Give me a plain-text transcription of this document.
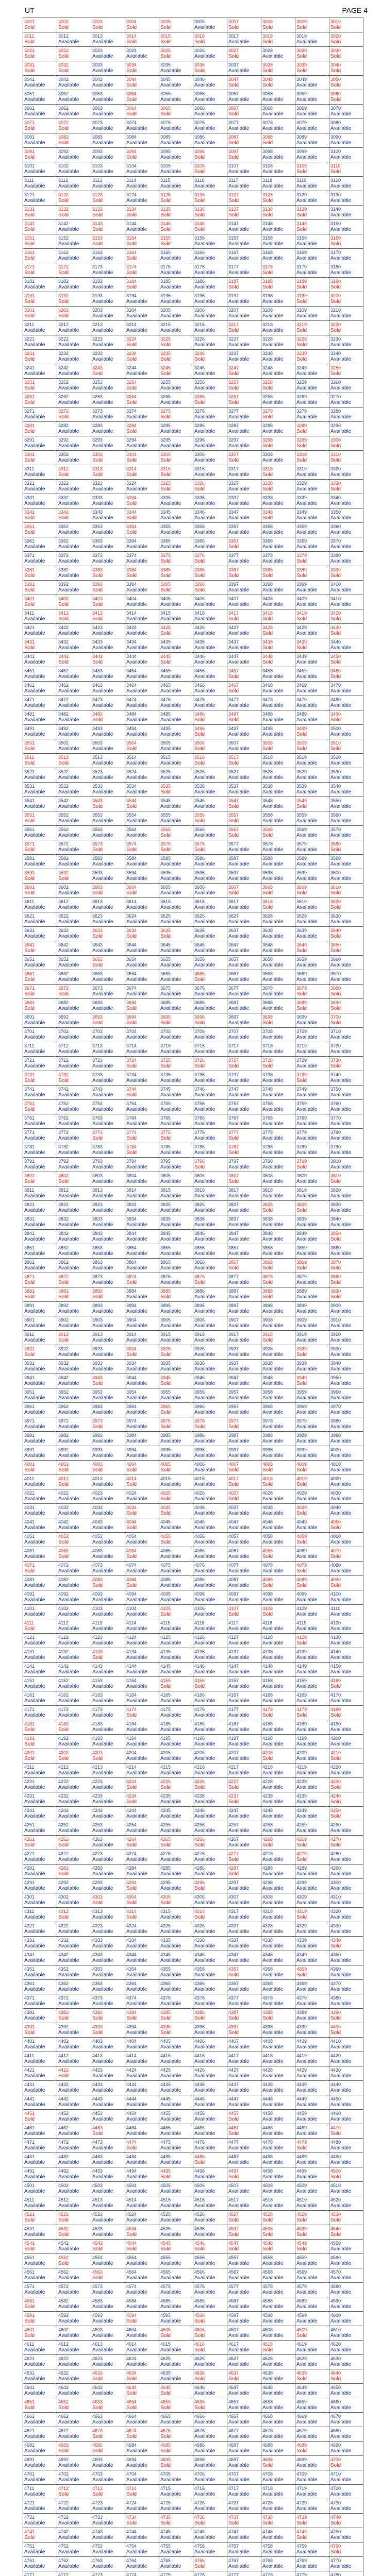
UT	PAGE 4
3001
Sold	3002
Sold	3003
Sold	3004
Sold	3005
Sold	3006
Available	3007
Sold	3008
Sold	3009
Sold	3010
Sold

3011
Sold	3012
Available	3013
Available	3014
Sold	3015
Sold	3016
Sold	3017
Available	3018
Sold	3019
Available	3020
Sold

3021
Sold	3022
Sold	3023
Available	3024
Available	3025
Sold	3026
Available	3027
Sold	3028
Available	3029
Sold	3030
Sold

3031
Sold	3032
Sold	3033
Available	3034
Sold	3035
Available	3036
Sold	3037
Available	3038
Sold	3039
Sold	3040
Sold

3041
Available	3042
Available	3043
Available	3044
Sold	3045
Available	3046
Available	3047
Sold	3048
Sold	3049
Available	3050
Sold

3051
Available	3052
Available	3053
Available	3054
Sold	3055
Available	3056
Available	3057
Available	3058
Available	3059
Available	3060
Sold

3061
Available	3062
Available	3063
Available	3064
Sold	3065
Sold	3066
Available	3067
Sold	3068
Available	3069
Available	3070
Available

3071
Sold	3072
Sold	3073
Available	3074
Available	3075
Available	3076
Available	3077
Available	3078
Available	3079
Available	3080
Available

3081
Available	3082
Sold	3083
Available	3084
Available	3085
Available	3086
Available	3087
Sold	3088
Sold	3089
Available	3090
Available

3091
Sold	3092
Available	3093
Available	3094
Sold	3095
Available	3096
Sold	3097
Sold	3098
Available	3099
Available	3100
Available

3101
Available	3102
Available	3103
Available	3104
Available	3105
Available	3106
Sold	3107
Available	3108
Available	3109
Sold	3110
Sold

3111
Available	3112
Available	3113
Available	3114
Available	3115
Available	3116
Available	3117
Available	3118
Available	3119
Available	3120
Available

3121
Available	3122
Sold	3123
Sold	3124
Available	3125
Sold	3126
Sold	3127
Sold	3128
Sold	3129
Available	3130
Available

3131
Sold	3132
Sold	3133
Sold	3134
Sold	3135
Sold	3136
Sold	3137
Sold	3138
Sold	3139
Sold	3140
Available

3141
Sold	3142
Available	3143
Sold	3144
Available	3145
Sold	3146
Sold	3147
Available	3148
Available	3149
Sold	3150
Available

3151
Sold	3152
Available	3153
Sold	3154
Sold	3155
Sold	3156
Available	3157
Available	3158
Available	3159
Available	3160
Sold

3161
Sold	3162
Available	3163
Available	3164
Sold	3165
Available	3166
Available	3167
Available	3168
Available	3169
Available	3170
Available

3171
Sold	3172
Sold	3173
Available	3174
Sold	3175
Available	3176
Available	3177
Available	3178
Sold	3179
Available	3180
Available

3181
Available	3182
Available	3183
Available	3184
Sold	3185
Available	3186
Available	3187
Sold	3188
Sold	3189
Sold	3190
Sold

3191
Sold	3192
Sold	3193
Available	3194
Available	3195
Available	3196
Available	3197
Available	3198
Available	3199
Sold	3200
Sold

3201
Sold	3202
Sold	3203
Available	3204
Available	3205
Available	3206
Available	3207
Available	3208
Available	3209
Available	3210
Available

3211
Available	3212
Available	3213
Available	3214
Available	3215
Available	3216
Available	3217
Sold	3218
Available	3219
Sold	3220
Sold

3221
Available	3222
Available	3223
Available	3224
Sold	3225
Sold	3226
Available	3227
Available	3228
Available	3229
Sold	3230
Available

3231
Sold	3232
Available	3233
Available	3234
Sold	3235
Sold	3236
Sold	3237
Available	3238
Available	3239
Sold	3240
Available

3241
Available	3242
Available	3243
Sold	3244
Available	3245
Sold	3246
Available	3247
Sold	3248
Available	3249
Available	3250
Sold

3251
Sold	3252
Available	3253
Available	3254
Sold	3255
Available	3256
Available	3257
Sold	3258
Sold	3259
Available	3260
Available

3261
Sold	3262
Available	3263
Available	3264
Sold	3265
Available	3266
Sold	3267
Sold	3268
Available	3269
Available	3270
Available

3271
Available	3272
Sold	3273
Available	3274
Available	3275
Sold	3276
Available	3277
Available	3278
Sold	3279
Available	3280
Available

3281
Sold	3282
Available	3283
Available	3284
Sold	3285
Available	3286
Available	3287
Available	3288
Available	3289
Sold	3290
Available

3291
Available	3292
Available	3293
Available	3294
Available	3295
Available	3296
Available	3297
Available	3298
Sold	3299
Sold	3300
Sold

3301
Sold	3302
Available	3303
Sold	3304
Sold	3305
Sold	3306
Available	3307
Sold	3308
Available	3309
Sold	3310
Sold

3311
Available	3312
Sold	3313
Sold	3314
Sold	3315
Sold	3316
Available	3317
Available	3318
Sold	3319
Available	3320
Available

3321
Available	3322
Available	3323
Available	3324
Available	3325
Sold	3326
Sold	3327
Available	3328
Sold	3329
Available	3330
Sold

3331
Available	3332
Available	3333
Available	3334
Sold	3335
Available	3336
Available	3337
Available	3338
Available	3339
Available	3340
Available

3341
Sold	3342
Sold	3343
Available	3344
Sold	3345
Available	3346
Available	3347
Available	3348
Sold	3349
Available	3350
Available

3351
Sold	3352
Available	3353
Available	3354
Sold	3355
Available	3356
Available	3357
Available	3358
Available	3359
Available	3360
Available

3361
Available	3362
Available	3363
Available	3364
Available	3365
Available	3366
Available	3367
Sold	3368
Available	3369
Available	3370
Available

3371
Available	3372
Available	3373
Available	3374
Available	3375
Sold	3376
Sold	3377
Available	3378
Available	3379
Sold	3380
Available

3381
Sold	3382
Available	3383
Sold	3384
Sold	3385
Sold	3386
Sold	3387
Sold	3388
Sold	3389
Sold	3390
Sold

3391
Sold	3392
Available	3393
Sold	3394
Available	3395
Sold	3396
Sold	3397
Available	3398
Available	3399
Available	3400
Available

3401
Sold	3402
Sold	3403
Sold	3404
Available	3405
Available	3406
Available	3407
Available	3408
Available	3409
Available	3410
Available

3411
Available	3412
Sold	3413
Sold	3414
Available	3415
Available	3416
Available	3417
Sold	3418
Sold	3419
Sold	3420
Sold

3421
Available	3422
Available	3423
Available	3424
Available	3425
Sold	3426
Available	3427
Available	3428
Sold	3429
Available	3430
Sold

3431
Sold	3432
Available	3433
Available	3434
Available	3435
Available	3436
Available	3437
Available	3438
Sold	3439
Sold	3440
Available

3441
Available	3442
Sold	3443
Sold	3444
Available	3445
Sold	3446
Available	3447
Available	3448
Sold	3449
Available	3450
Sold

3451
Available	3452
Available	3453
Available	3454
Available	3455
Available	3456
Available	3457
Sold	3458
Available	3459
Available	3460
Sold

3461
Available	3462
Available	3463
Available	3464
Available	3465
Available	3466
Available	3467
Sold	3468
Available	3469
Available	3470
Available

3471
Available	3472
Available	3473
Available	3474
Available	3475
Available	3476
Available	3477
Available	3478
Available	3479
Available	3480
Available

3481
Available	3482
Available	3483
Sold	3484
Available	3485
Available	3486
Sold	3487
Sold	3488
Available	3489
Available	3490
Sold

3491
Available	3492
Available	3493
Available	3494
Available	3495
Available	3496
Sold	3497
Available	3498
Available	3499
Sold	3500
Available

3501
Sold	3502
Available	3503
Available	3504
Sold	3505
Available	3506
Sold	3507
Available	3508
Sold	3509
Sold	3510
Sold

3511
Sold	3512
Sold	3513
Available	3514
Available	3515
Available	3516
Sold	3517
Sold	3518
Available	3519
Available	3520
Available

3521
Available	3522
Available	3523
Available	3524
Available	3525
Available	3526
Available	3527
Available	3528
Available	3529
Available	3530
Available

3531
Available	3532
Available	3533
Available	3534
Available	3535
Sold	3536
Available	3537
Available	3538
Available	3539
Available	3540
Available

3541
Available	3542
Available	3543
Sold	3544
Sold	3545
Available	3546
Available	3547
Sold	3548
Available	3549
Sold	3550
Available

3551
Sold	3552
Available	3553
Available	3554
Available	3555
Available	3556
Sold	3557
Sold	3558
Available	3559
Available	3560
Available

3561
Available	3562
Available	3563
Available	3564
Available	3565
Sold	3566
Available	3567
Sold	3568
Sold	3569
Available	3570
Available

3571
Sold	3572
Available	3573
Sold	3574
Sold	3575
Sold	3576
Sold	3577
Available	3578
Available	3579
Available	3580
Sold

3581
Available	3582
Available	3583
Available	3584
Available	3585
Available	3586
Available	3587
Available	3588
Available	3589
Available	3590
Available

3591
Sold	3592
Sold	3593
Available	3594
Available	3595
Available	3596
Available	3597
Available	3598
Available	3599
Available	3600
Available

3601
Sold	3602
Available	3603
Sold	3604
Sold	3605
Available	3606
Available	3607
Sold	3608
Sold	3609
Sold	3610
Sold

3611
Available	3612
Available	3613
Available	3614
Available	3615
Available	3616
Available	3617
Available	3618
Sold	3619
Available	3620
Sold

3621
Available	3622
Available	3623
Available	3624
Available	3625
Available	3626
Available	3627
Available	3628
Available	3629
Available	3630
Available

3631
Available	3632
Available	3633
Sold	3634
Sold	3635
Sold	3636
Available	3637
Available	3638
Available	3639
Available	3640
Sold

3641
Sold	3642
Available	3643
Available	3644
Available	3645
Available	3646
Available	3647
Available	3648
Available	3649
Sold	3650
Sold

3651
Available	3652
Available	3653
Sold	3654
Available	3655
Available	3656
Available	3657
Available	3658
Available	3659
Available	3660
Available

3661
Sold	3662
Available	3663
Available	3664
Available	3665
Available	3666
Sold	3667
Available	3668
Available	3669
Available	3670
Available

3671
Sold	3672
Sold	3673
Available	3674
Available	3675
Available	3676
Available	3677
Available	3678
Available	3679
Sold	3680
Sold

3681
Sold	3682
Available	3683
Available	3684
Sold	3685
Available	3686
Available	3687
Available	3688
Available	3689
Sold	3690
Sold

3691
Available	3692
Available	3693
Sold	3694
Sold	3695
Sold	3696
Sold	3697
Available	3698
Sold	3699
Available	3700
Sold

3701
Available	3702
Available	3703
Available	3704
Available	3705
Available	3706
Available	3707
Available	3708
Available	3709
Available	3710
Available

3711
Available	3712
Available	3713
Available	3714
Available	3715
Available	3716
Available	3717
Available	3718
Available	3719
Available	3720
Available

3721
Available	3722
Available	3723
Available	3724
Sold	3725
Sold	3726
Sold	3727
Sold	3728
Sold	3729
Available	3730
Sold

3731
Sold	3732
Sold	3733
Available	3734
Available	3735
Available	3736
Available	3737
Available	3738
Available	3739
Sold	3740
Available

3741
Available	3742
Available	3743
Available	3744
Sold	3745
Available	3746
Available	3747
Available	3748
Available	3749
Available	3750
Available

3751
Sold	3752
Available	3753
Available	3754
Available	3755
Available	3756
Available	3757
Available	3758
Available	3759
Available	3760
Available

3761
Available	3762
Available	3763
Available	3764
Available	3765
Available	3766
Available	3767
Available	3768
Available	3769
Available	3770
Available

3771
Available	3772
Available	3773
Sold	3774
Sold	3775
Sold	3776
Available	3777
Sold	3778
Available	3779
Available	3780
Available

3781
Available	3782
Available	3783
Available	3784
Sold	3785
Available	3786
Available	3787
Sold	3788
Available	3789
Available	3790
Available

3791
Available	3792
Available	3793
Available	3794
Available	3795
Available	3796
Sold	3797
Available	3798
Available	3799
Sold	3800
Available

3801
Sold	3802
Sold	3803
Available	3804
Available	3805
Available	3806
Available	3807
Sold	3808
Available	3809
Available	3810
Sold

3811
Available	3812
Available	3813
Available	3814
Available	3815
Available	3816
Available	3817
Available	3818
Available	3819
Available	3820
Available

3821
Available	3822
Available	3823
Available	3824
Available	3825
Available	3826
Available	3827
Available	3828
Sold	3829
Sold	3830
Available

3831
Available	3832
Available	3833
Available	3834
Available	3835
Available	3836
Available	3837
Available	3838
Available	3839
Available	3840
Available

3841
Available	3842
Available	3843
Available	3844
Available	3845
Available	3846
Available	3847
Available	3848
Available	3849
Available	3850
Sold

3851
Available	3852
Available	3853
Available	3854
Available	3855
Available	3856
Available	3857
Available	3858
Available	3859
Available	3860
Available

3861
Available	3862
Available	3863
Available	3864
Available	3865
Available	3866
Available	3867
Sold	3868
Sold	3869
Sold	3870
Sold

3871
Sold	3872
Sold	3873
Available	3874
Sold	3875
Available	3876
Sold	3877
Available	3878
Sold	3879
Available	3880
Sold

3881
Sold	3882
Sold	3883
Sold	3884
Available	3885
Sold	3886
Available	3887
Available	3888
Sold	3889
Available	3890
Sold

3891
Available	3892
Available	3893
Available	3894
Available	3895
Available	3896
Available	3897
Available	3898
Available	3899
Available	3900
Available

3901
Available	3902
Available	3903
Available	3904
Available	3905
Available	3906
Available	3907
Available	3908
Available	3909
Available	3910
Available

3911
Available	3912
Sold	3913
Available	3914
Available	3915
Available	3916
Available	3917
Available	3918
Sold	3919
Available	3920
Available

3921
Sold	3922
Available	3923
Available	3924
Sold	3925
Sold	3926
Available	3927
Available	3928
Available	3929
Sold	3930
Available

3931
Available	3932
Available	3933
Available	3934
Available	3935
Available	3936
Available	3937
Available	3938
Available	3939
Available	3940
Available

3941
Available	3942
Available	3943
Sold	3944
Available	3945
Sold	3946
Available	3947
Available	3948
Available	3949
Sold	3950
Available

3951
Available	3952
Available	3953
Available	3954
Available	3955
Available	3956
Available	3957
Available	3958
Available	3959
Available	3960
Available

3961
Available	3962
Available	3963
Available	3964
Available	3965
Sold	3966
Available	3967
Available	3968
Available	3969
Available	3970
Available

3971
Available	3972
Available	3973
Sold	3974
Available	3975
Sold	3976
Sold	3977
Sold	3978
Available	3979
Available	3980
Available

3981
Available	3982
Available	3983
Available	3984
Available	3985
Available	3986
Available	3987
Available	3988
Available	3989
Available	3990
Available

3991
Available	3992
Available	3993
Available	3994
Available	3995
Available	3996
Available	3997
Available	3998
Available	3999
Available	4000
Available

4001
Sold	4002
Sold	4003
Sold	4004
Sold	4005
Sold	4006
Available	4007
Sold	4008
Sold	4009
Sold	4010
Available

4011
Available	4012
Sold	4013
Available	4014
Sold	4015
Available	4016
Available	4017
Sold	4018
Sold	4019
Sold	4020
Available

4021
Available	4022
Available	4023
Available	4024
Available	4025
Sold	4026
Available	4027
Sold	4028
Available	4029
Available	4030
Available

4031
Available	4032
Available	4033
Available	4034
Sold	4035
Sold	4036
Available	4037
Available	4038
Available	4039
Sold	4040
Available

4041
Available	4042
Available	4043
Available	4044
Sold	4045
Available	4046
Available	4047
Available	4048
Available	4049
Available	4050
Sold

4051
Available	4052
Sold	4053
Available	4054
Available	4055
Sold	4056
Available	4057
Available	4058
Available	4059
Sold	4060
Available

4061
Available	4062
Sold	4063
Available	4064
Sold	4065
Available	4066
Available	4067
Available	4068
Sold	4069
Available	4070
Sold

4071
Sold	4072
Available	4073
Available	4074
Available	4075
Available	4076
Available	4077
Available	4078
Available	4079
Sold	4080
Available

4081
Available	4082
Available	4083
Sold	4084
Sold	4085
Available	4086
Available	4087
Available	4088
Sold	4089
Sold	4090
Sold

4091
Available	4092
Available	4093
Available	4094
Available	4095
Available	4096
Available	4097
Available	4098
Available	4099
Available	4100
Available

4101
Available	4102
Available	4103
Available	4104
Available	4105
Sold	4106
Available	4107
Sold	4108
Sold	4109
Available	4110
Available

4111
Sold	4112
Available	4113
Available	4114
Available	4115
Available	4116
Available	4117
Available	4118
Available	4119
Available	4120
Available

4121
Available	4122
Available	4123
Available	4124
Available	4125
Available	4126
Available	4127
Available	4128
Available	4129
Sold	4130
Available

4131
Available	4132
Available	4133
Sold	4134
Available	4135
Available	4136
Available	4137
Available	4138
Available	4139
Available	4140
Available

4141
Available	4142
Available	4143
Available	4144
Available	4145
Available	4146
Available	4147
Available	4148
Available	4149
Available	4150
Available

4151
Available	4152
Available	4153
Available	4154
Available	4155
Sold	4156
Sold	4157
Available	4158
Available	4159
Available	4160
Sold

4161
Available	4162
Available	4163
Available	4164
Available	4165
Available	4166
Available	4167
Available	4168
Available	4169
Available	4170
Available

4171
Available	4172
Available	4173
Available	4174
Sold	4175
Available	4176
Available	4177
Available	4178
Sold	4179
Sold	4180
Sold

4181
Sold	4182
Sold	4183
Available	4184
Available	4185
Available	4186
Available	4187
Available	4188
Available	4189
Available	4190
Available

4191
Sold	4192
Available	4193
Available	4194
Available	4195
Available	4196
Available	4197
Available	4198
Available	4199
Available	4200
Available

4201
Sold	4202
Sold	4203
Sold	4204
Available	4205
Available	4206
Available	4207
Available	4208
Sold	4209
Available	4210
Sold

4211
Available	4212
Available	4213
Available	4214
Available	4215
Available	4216
Available	4217
Available	4218
Available	4219
Available	4220
Available

4221
Available	4222
Available	4223
Available	4224
Sold	4225
Sold	4226
Sold	4227
Sold	4228
Available	4229
Available	4230
Sold

4231
Available	4232
Available	4233
Available	4234
Sold	4235
Available	4236
Available	4237
Sold	4238
Available	4239
Available	4240
Sold

4241
Available	4242
Available	4243
Available	4244
Available	4245
Available	4246
Available	4247
Available	4248
Available	4249
Available	4250
Sold

4251
Available	4252
Available	4253
Available	4254
Available	4255
Available	4256
Available	4257
Available	4258
Available	4259
Available	4260
Available

4261
Sold	4262
Sold	4263
Available	4264
Sold	4265
Sold	4266
Sold	4267
Available	4268
Sold	4269
Sold	4270
Sold

4271
Available	4272
Available	4273
Available	4274
Available	4275
Available	4276
Available	4277
Sold	4278
Available	4279
Sold	4280
Available

4281
Available	4282
Sold	4283
Available	4284
Available	4285
Available	4286
Available	4287
Sold	4288
Available	4289
Available	4290
Available

4291
Available	4292
Available	4293
Available	4294
Sold	4295
Available	4296
Sold	4297
Available	4298
Available	4299
Available	4300
Available

4301
Available	4302
Available	4303
Sold	4304
Sold	4305
Sold	4306
Available	4307
Available	4308
Available	4309
Available	4310
Available

4311
Available	4312
Sold	4313
Available	4314
Sold	4315
Available	4316
Sold	4317
Available	4318
Available	4319
Sold	4320
Available

4321
Available	4322
Available	4323
Available	4324
Available	4325
Available	4326
Available	4327
Available	4328
Available	4329
Available	4330
Available

4331
Available	4332
Available	4333
Available	4334
Available	4335
Available	4336
Available	4337
Available	4338
Available	4339
Available	4340
Sold

4341
Available	4342
Available	4343
Available	4344
Available	4345
Available	4346
Available	4347
Available	4348
Available	4349
Available	4350
Available

4351
Available	4352
Available	4353
Available	4354
Available	4355
Available	4356
Available	4357
Sold	4358
Available	4359
Sold	4360
Available

4361
Available	4362
Available	4363
Available	4364
Available	4365
Available	4366
Available	4367
Available	4368
Available	4369
Available	4370
Available

4371
Available	4372
Available	4373
Available	4374
Available	4375
Available	4376
Available	4377
Available	4378
Available	4379
Available	4380
Available

4381
Available	4382
Sold	4383
Sold	4384
Sold	4385
Sold	4386
Sold	4387
Sold	4388
Sold	4389
Available	4390
Sold

4391
Sold	4392
Available	4393
Sold	4394
Available	4395
Sold	4396
Available	4397
Sold	4398
Available	4399
Available	4400
Sold

4401
Available	4402
Available	4403
Available	4404
Available	4405
Available	4406
Available	4407
Available	4408
Available	4409
Available	4410
Available

4411
Available	4412
Available	4413
Available	4414
Available	4415
Available	4416
Available	4417
Available	4418
Available	4419
Available	4420
Available

4421
Available	4422
Sold	4423
Available	4424
Available	4425
Available	4426
Available	4427
Available	4428
Available	4429
Available	4430
Available

4431
Available	4432
Available	4433
Available	4434
Available	4435
Available	4436
Available	4437
Available	4438
Available	4439
Available	4440
Available

4441
Available	4442
Available	4443
Available	4444
Available	4445
Available	4446
Available	4447
Available	4448
Available	4449
Available	4450
Available

4451
Sold	4452
Available	4453
Available	4454
Available	4455
Available	4456
Available	4457
Sold	4458
Available	4459
Available	4460
Available

4461
Available	4462
Available	4463
Sold	4464
Available	4465
Available	4466
Available	4467
Sold	4468
Available	4469
Available	4470
Sold

4471
Available	4472
Available	4473
Available	4474
Sold	4475
Available	4476
Available	4477
Available	4478
Available	4479
Sold	4480
Available

4481
Available	4482
Available	4483
Available	4484
Available	4485
Available	4486
Sold	4487
Available	4488
Available	4489
Available	4490
Available

4491
Available	4492
Available	4493
Available	4494
Available	4495
Sold	4496
Available	4497
Sold	4498
Available	4499
Available	4500
Sold

4501
Available	4502
Available	4503
Available	4504
Available	4505
Available	4506
Available	4507
Available	4508
Available	4509
Available	4510
Available

4511
Available	4512
Available	4513
Available	4514
Available	4515
Available	4516
Available	4517
Available	4518
Available	4519
Available	4520
Available

4521
Sold	4522
Sold	4523
Available	4524
Available	4525
Available	4526
Available	4527
Sold	4528
Sold	4529
Sold	4530
Sold

4531
Available	4532
Sold	4533
Available	4534
Sold	4535
Available	4536
Available	4537
Sold	4538
Sold	4539
Sold	4540
Sold

4541
Sold	4542
Available	4543
Sold	4544
Sold	4545
Sold	4546
Sold	4547
Sold	4548
Sold	4549
Sold	4550
Available

4551
Available	4552
Sold	4553
Available	4554
Available	4555
Available	4556
Available	4557
Available	4558
Available	4559
Available	4560
Available

4561
Available	4562
Available	4563
Sold	4564
Available	4565
Available	4566
Available	4567
Available	4568
Available	4569
Available	4570
Available

4571
Available	4572
Available	4573
Available	4574
Available	4575
Available	4576
Available	4577
Available	4578
Available	4579
Available	4580
Available

4581
Sold	4582
Available	4583
Available	4584
Available	4585
Available	4586
Available	4587
Available	4588
Available	4589
Available	4590
Available

4591
Sold	4592
Available	4593
Available	4594
Sold	4595
Available	4596
Sold	4597
Available	4598
Available	4599
Available	4600
Available

4601
Sold	4602
Available	4603
Available	4604
Available	4605
Sold	4606
Sold	4607
Available	4608
Available	4609
Sold	4610
Available

4611
Available	4612
Available	4613
Available	4614
Available	4615
Available	4616
Sold	4617
Available	4618
Sold	4619
Available	4620
Available

4621
Available	4622
Available	4623
Available	4624
Available	4625
Available	4626
Available	4627
Available	4628
Available	4629
Available	4630
Available

4631
Available	4632
Available	4633
Sold	4634
Sold	4635
Available	4636
Sold	4637
Sold	4638
Available	4639
Sold	4640
Sold

4641
Available	4642
Available	4643
Available	4644
Sold	4645
Sold	4646
Available	4647
Available	4648
Available	4649
Available	4650
Available

4651
Sold	4652
Sold	4653
Sold	4654
Sold	4655
Sold	4656
Sold	4657
Available	4658
Available	4659
Available	4660
Available

4661
Available	4662
Available	4663
Available	4664
Available	4665
Available	4666
Available	4667
Available	4668
Available	4669
Available	4670
Available

4671
Available	4672
Available	4673
Sold	4674
Sold	4675
Sold	4676
Available	4677
Available	4678
Available	4679
Available	4680
Available

4681
Available	4682
Sold	4683
Sold	4684
Available	4685
Sold	4686
Available	4687
Available	4688
Available	4689
Sold	4690
Available

4691
Available	4692
Available	4693
Available	4694
Available	4695
Sold	4696
Available	4697
Available	4698
Sold	4699
Available	4700
Sold

4701
Available	4702
Available	4703
Available	4704
Available	4705
Available	4706
Available	4707
Available	4708
Available	4709
Available	4710
Available

4711
Available	4712
Sold	4713
Sold	4714
Sold	4715
Available	4716
Available	4717
Available	4718
Available	4719
Available	4720
Available

4721
Available	4722
Available	4723
Available	4724
Available	4725
Available	4726
Available	4727
Available	4728
Available	4729
Available	4730
Available

4731
Available	4732
Available	4733
Available	4734
Sold	4735
Sold	4736
Sold	4737
Sold	4738
Sold	4739
Sold	4740
Sold

4741
Sold	4742
Available	4743
Available	4744
Available	4745
Available	4746
Available	4747
Available	4748
Available	4749
Sold	4750
Available

4751
Available	4752
Available	4753
Available	4754
Available	4755
Available	4756
Available	4757
Available	4758
Available	4759
Available	4760
Sold

4761
Available	4762
Available	4763
Available	4764
Available	4765
Available	4766
Sold	4767
Available	4768
Available	4769
Available	4770
Available

4771	4772	4773	4774	4775	4776	4777	4778	4779	4780
